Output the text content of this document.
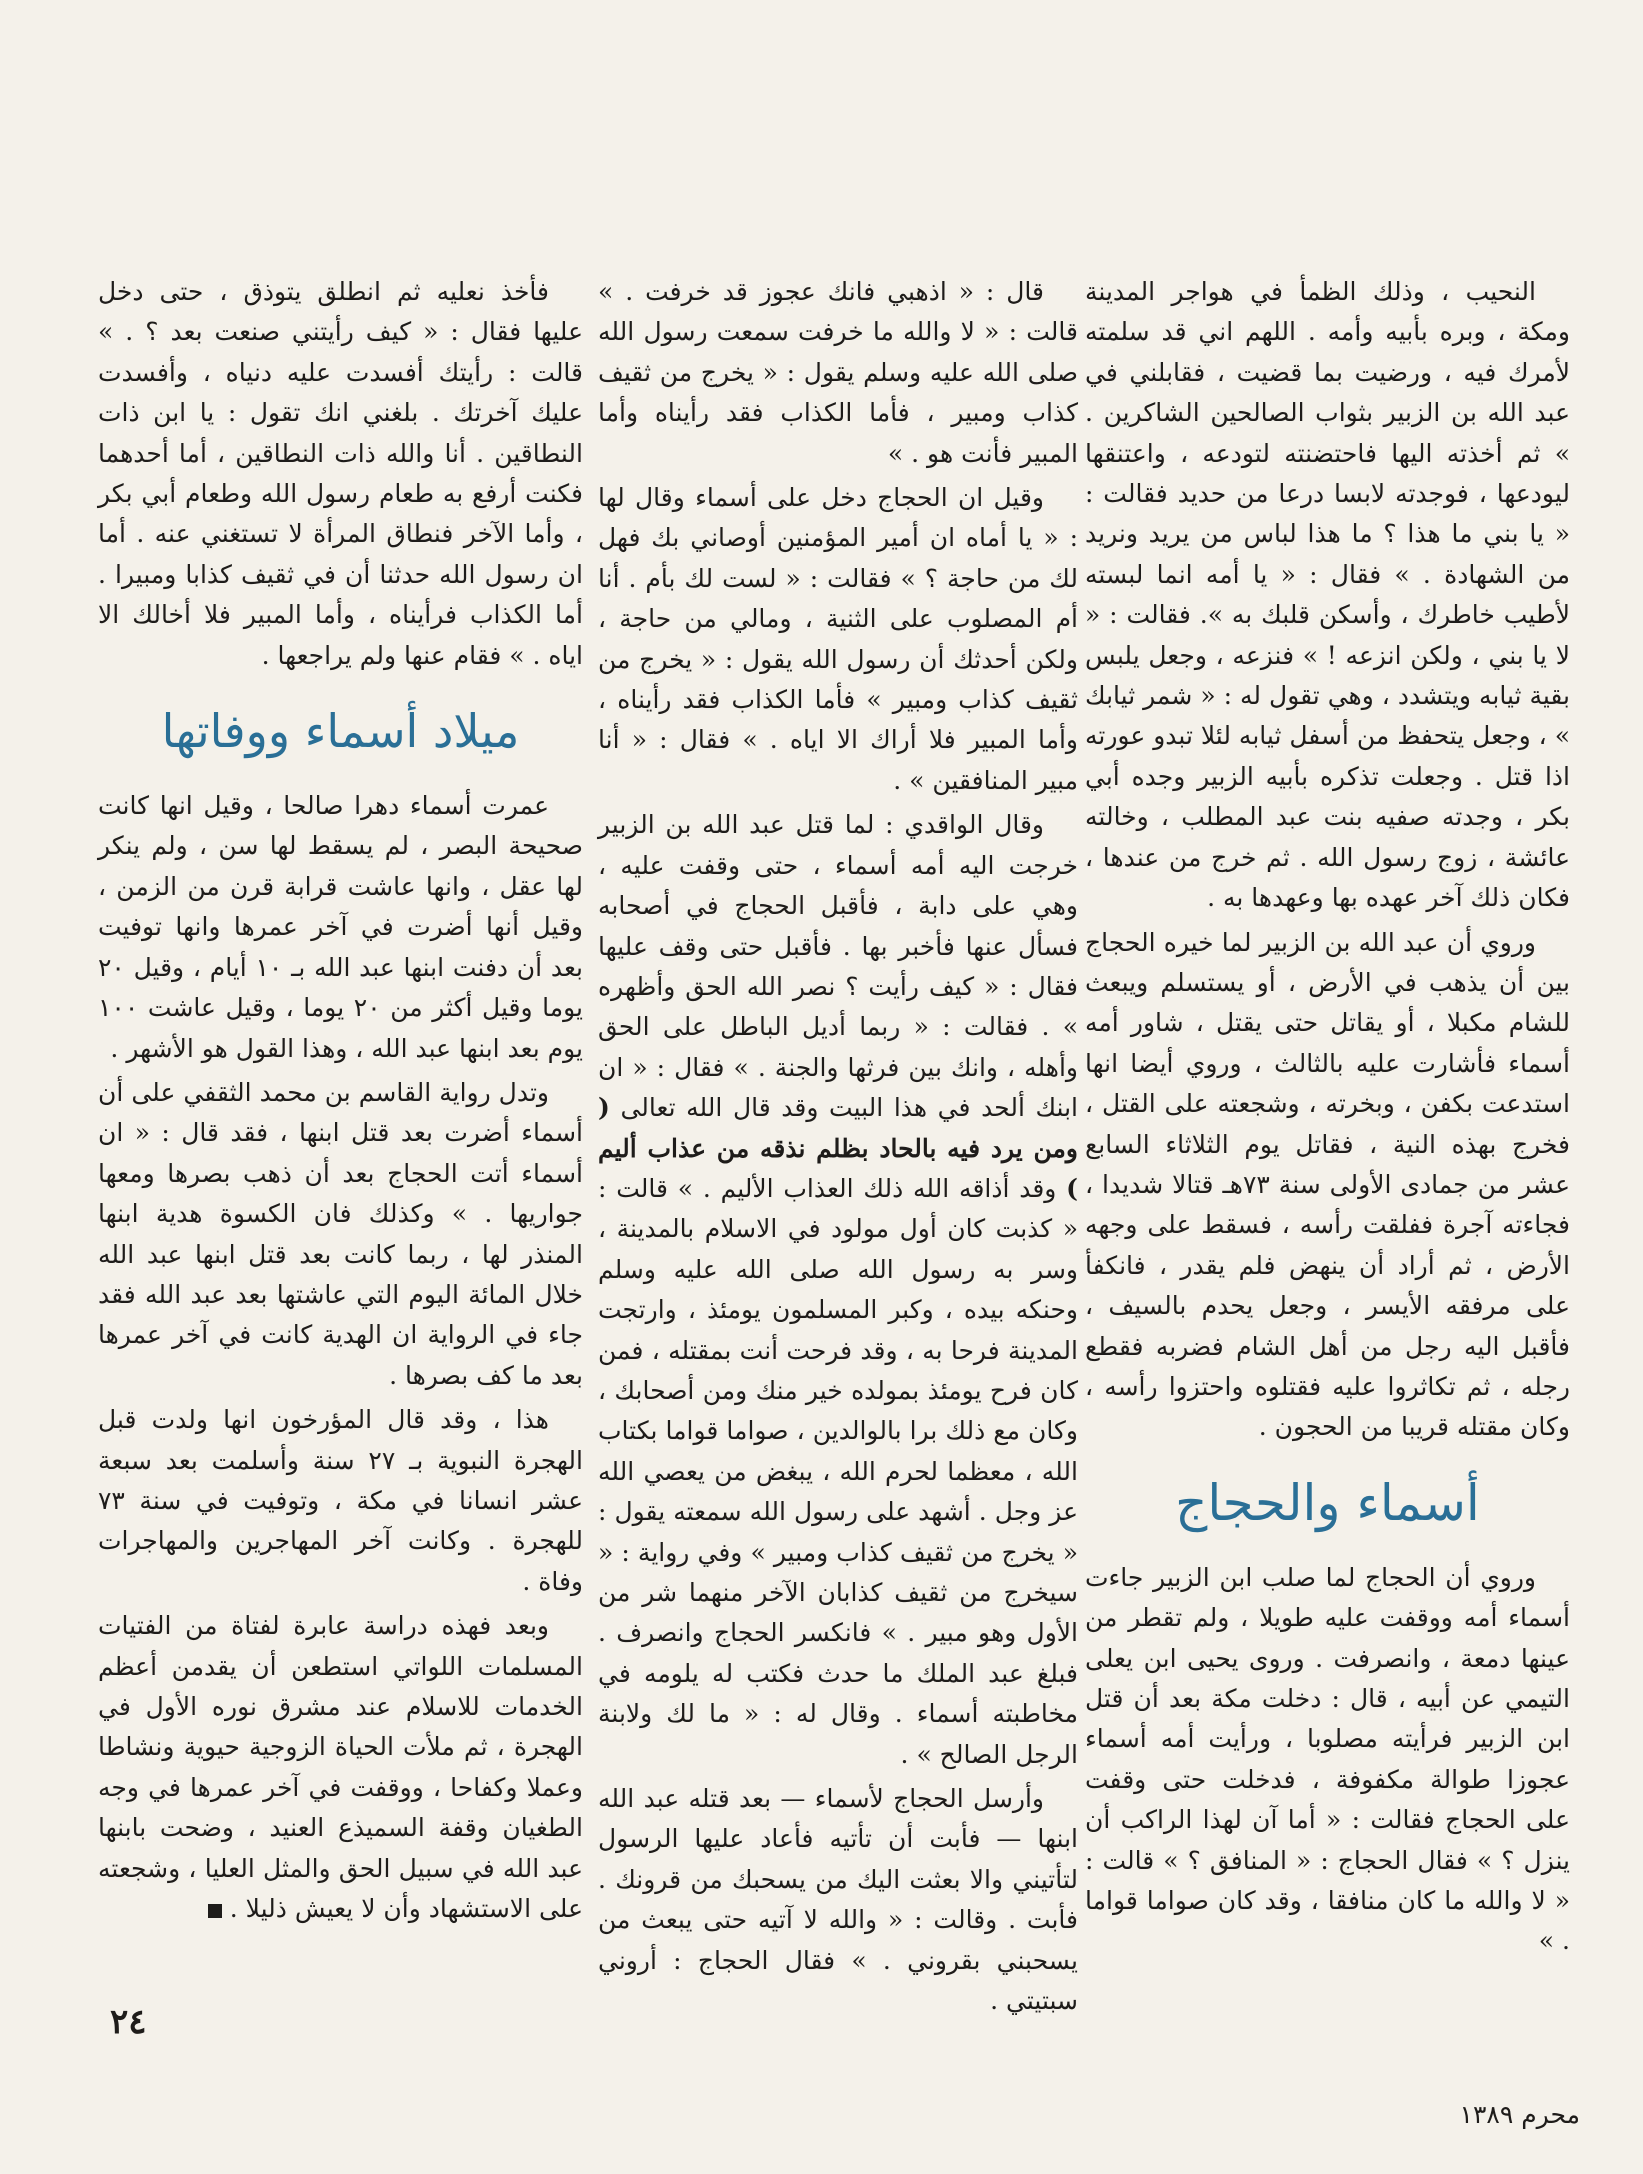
النحيب ، وذلك الظمأ في هواجر المدينة ومكة ، وبره بأبيه وأمه . اللهم اني قد سلمته لأمرك فيه ، ورضيت بما قضيت ، فقابلني في عبد الله بن الزبير بثواب الصالحين الشاكرين . » ثم أخذته اليها فاحتضنته لتودعه ، واعتنقها ليودعها ، فوجدته لابسا درعا من حديد فقالت : « يا بني ما هذا ؟ ما هذا لباس من يريد ونريد من الشهادة . » فقال : « يا أمه انما لبسته لأطيب خاطرك ، وأسكن قلبك به ». فقالت : « لا يا بني ، ولكن انزعه ! » فنزعه ، وجعل يلبس بقية ثيابه ويتشدد ، وهي تقول له : « شمر ثيابك » ، وجعل يتحفظ من أسفل ثيابه لئلا تبدو عورته اذا قتل . وجعلت تذكره بأبيه الزبير وجده أبي بكر ، وجدته صفيه بنت عبد المطلب ، وخالته عائشة ، زوج رسول الله . ثم خرج من عندها ، فكان ذلك آخر عهده بها وعهدها به .

وروي أن عبد الله بن الزبير لما خيره الحجاج بين أن يذهب في الأرض ، أو يستسلم ويبعث للشام مكبلا ، أو يقاتل حتى يقتل ، شاور أمه أسماء فأشارت عليه بالثالث ، وروي أيضا انها استدعت بكفن ، وبخرته ، وشجعته على القتل ، فخرج بهذه النية ، فقاتل يوم الثلاثاء السابع عشر من جمادى الأولى سنة ٧٣هـ قتالا شديدا ، فجاءته آجرة ففلقت رأسه ، فسقط على وجهه الأرض ، ثم أراد أن ينهض فلم يقدر ، فانكفأ على مرفقه الأيسر ، وجعل يحدم بالسيف ، فأقبل اليه رجل من أهل الشام فضربه فقطع رجله ، ثم تكاثروا عليه فقتلوه واحتزوا رأسه ، وكان مقتله قريبا من الحجون .

أسماء والحجاج

وروي أن الحجاج لما صلب ابن الزبير جاءت أسماء أمه ووقفت عليه طويلا ، ولم تقطر من عينها دمعة ، وانصرفت . وروى يحيى ابن يعلى التيمي عن أبيه ، قال : دخلت مكة بعد أن قتل ابن الزبير فرأيته مصلوبا ، ورأيت أمه أسماء عجوزا طوالة مكفوفة ، فدخلت حتى وقفت على الحجاج فقالت : « أما آن لهذا الراكب أن ينزل ؟ » فقال الحجاج : « المنافق ؟ » قالت : « لا والله ما كان منافقا ، وقد كان صواما قواما . »

قال : « اذهبي فانك عجوز قد خرفت . » قالت : « لا والله ما خرفت سمعت رسول الله صلى الله عليه وسلم يقول : « يخرج من ثقيف كذاب ومبير ، فأما الكذاب فقد رأيناه وأما المبير فأنت هو . »

وقيل ان الحجاج دخل على أسماء وقال لها : « يا أماه ان أمير المؤمنين أوصاني بك فهل لك من حاجة ؟ » فقالت : « لست لك بأم . أنا أم المصلوب على الثنية ، ومالي من حاجة ، ولكن أحدثك أن رسول الله يقول : « يخرج من ثقيف كذاب ومبير » فأما الكذاب فقد رأيناه ، وأما المبير فلا أراك الا اياه . » فقال : « أنا مبير المنافقين » .

وقال الواقدي : لما قتل عبد الله بن الزبير خرجت اليه أمه أسماء ، حتى وقفت عليه ، وهي على دابة ، فأقبل الحجاج في أصحابه فسأل عنها فأخبر بها . فأقبل حتى وقف عليها فقال : « كيف رأيت ؟ نصر الله الحق وأظهره » . فقالت : « ربما أديل الباطل على الحق وأهله ، وانك بين فرثها والجنة . » فقال : « ان ابنك ألحد في هذا البيت وقد قال الله تعالى ( ومن يرد فيه بالحاد بظلم نذقه من عذاب أليم ) وقد أذاقه الله ذلك العذاب الأليم . » قالت : « كذبت كان أول مولود في الاسلام بالمدينة ، وسر به رسول الله صلى الله عليه وسلم وحنكه بيده ، وكبر المسلمون يومئذ ، وارتجت المدينة فرحا به ، وقد فرحت أنت بمقتله ، فمن كان فرح يومئذ بمولده خير منك ومن أصحابك ، وكان مع ذلك برا بالوالدين ، صواما قواما بكتاب الله ، معظما لحرم الله ، يبغض من يعصي الله عز وجل . أشهد على رسول الله سمعته يقول : « يخرج من ثقيف كذاب ومبير » وفي رواية : « سيخرج من ثقيف كذابان الآخر منهما شر من الأول وهو مبير . » فانكسر الحجاج وانصرف . فبلغ عبد الملك ما حدث فكتب له يلومه في مخاطبته أسماء . وقال له : « ما لك ولابنة الرجل الصالح » .

وأرسل الحجاج لأسماء — بعد قتله عبد الله ابنها — فأبت أن تأتيه فأعاد عليها الرسول لتأتيني والا بعثت اليك من يسحبك من قرونك . فأبت . وقالت : « والله لا آتيه حتى يبعث من يسحبني بقروني . » فقال الحجاج : أروني سبتيتي .

فأخذ نعليه ثم انطلق يتوذق ، حتى دخل عليها فقال : « كيف رأيتني صنعت بعد ؟ . » قالت : رأيتك أفسدت عليه دنياه ، وأفسدت عليك آخرتك . بلغني انك تقول : يا ابن ذات النطاقين . أنا والله ذات النطاقين ، أما أحدهما فكنت أرفع به طعام رسول الله وطعام أبي بكر ، وأما الآخر فنطاق المرأة لا تستغني عنه . أما ان رسول الله حدثنا أن في ثقيف كذابا ومبيرا . أما الكذاب فرأيناه ، وأما المبير فلا أخالك الا اياه . » فقام عنها ولم يراجعها .

ميلاد أسماء ووفاتها

عمرت أسماء دهرا صالحا ، وقيل انها كانت صحيحة البصر ، لم يسقط لها سن ، ولم ينكر لها عقل ، وانها عاشت قرابة قرن من الزمن ، وقيل أنها أضرت في آخر عمرها وانها توفيت بعد أن دفنت ابنها عبد الله بـ ١٠ أيام ، وقيل ٢٠ يوما وقيل أكثر من ٢٠ يوما ، وقيل عاشت ١٠٠ يوم بعد ابنها عبد الله ، وهذا القول هو الأشهر .

وتدل رواية القاسم بن محمد الثقفي على أن أسماء أضرت بعد قتل ابنها ، فقد قال : « ان أسماء أتت الحجاج بعد أن ذهب بصرها ومعها جواريها . » وكذلك فان الكسوة هدية ابنها المنذر لها ، ربما كانت بعد قتل ابنها عبد الله خلال المائة اليوم التي عاشتها بعد عبد الله فقد جاء في الرواية ان الهدية كانت في آخر عمرها بعد ما كف بصرها .

هذا ، وقد قال المؤرخون انها ولدت قبل الهجرة النبوية بـ ٢٧ سنة وأسلمت بعد سبعة عشر انسانا في مكة ، وتوفيت في سنة ٧٣ للهجرة . وكانت آخر المهاجرين والمهاجرات وفاة .

وبعد فهذه دراسة عابرة لفتاة من الفتيات المسلمات اللواتي استطعن أن يقدمن أعظم الخدمات للاسلام عند مشرق نوره الأول في الهجرة ، ثم ملأت الحياة الزوجية حيوية ونشاطا وعملا وكفاحا ، ووقفت في آخر عمرها في وجه الطغيان وقفة السميذع العنيد ، وضحت بابنها عبد الله في سبيل الحق والمثل العليا ، وشجعته على الاستشهاد وأن لا يعيش ذليلا .

٢٤
محرم ١٣٨٩
